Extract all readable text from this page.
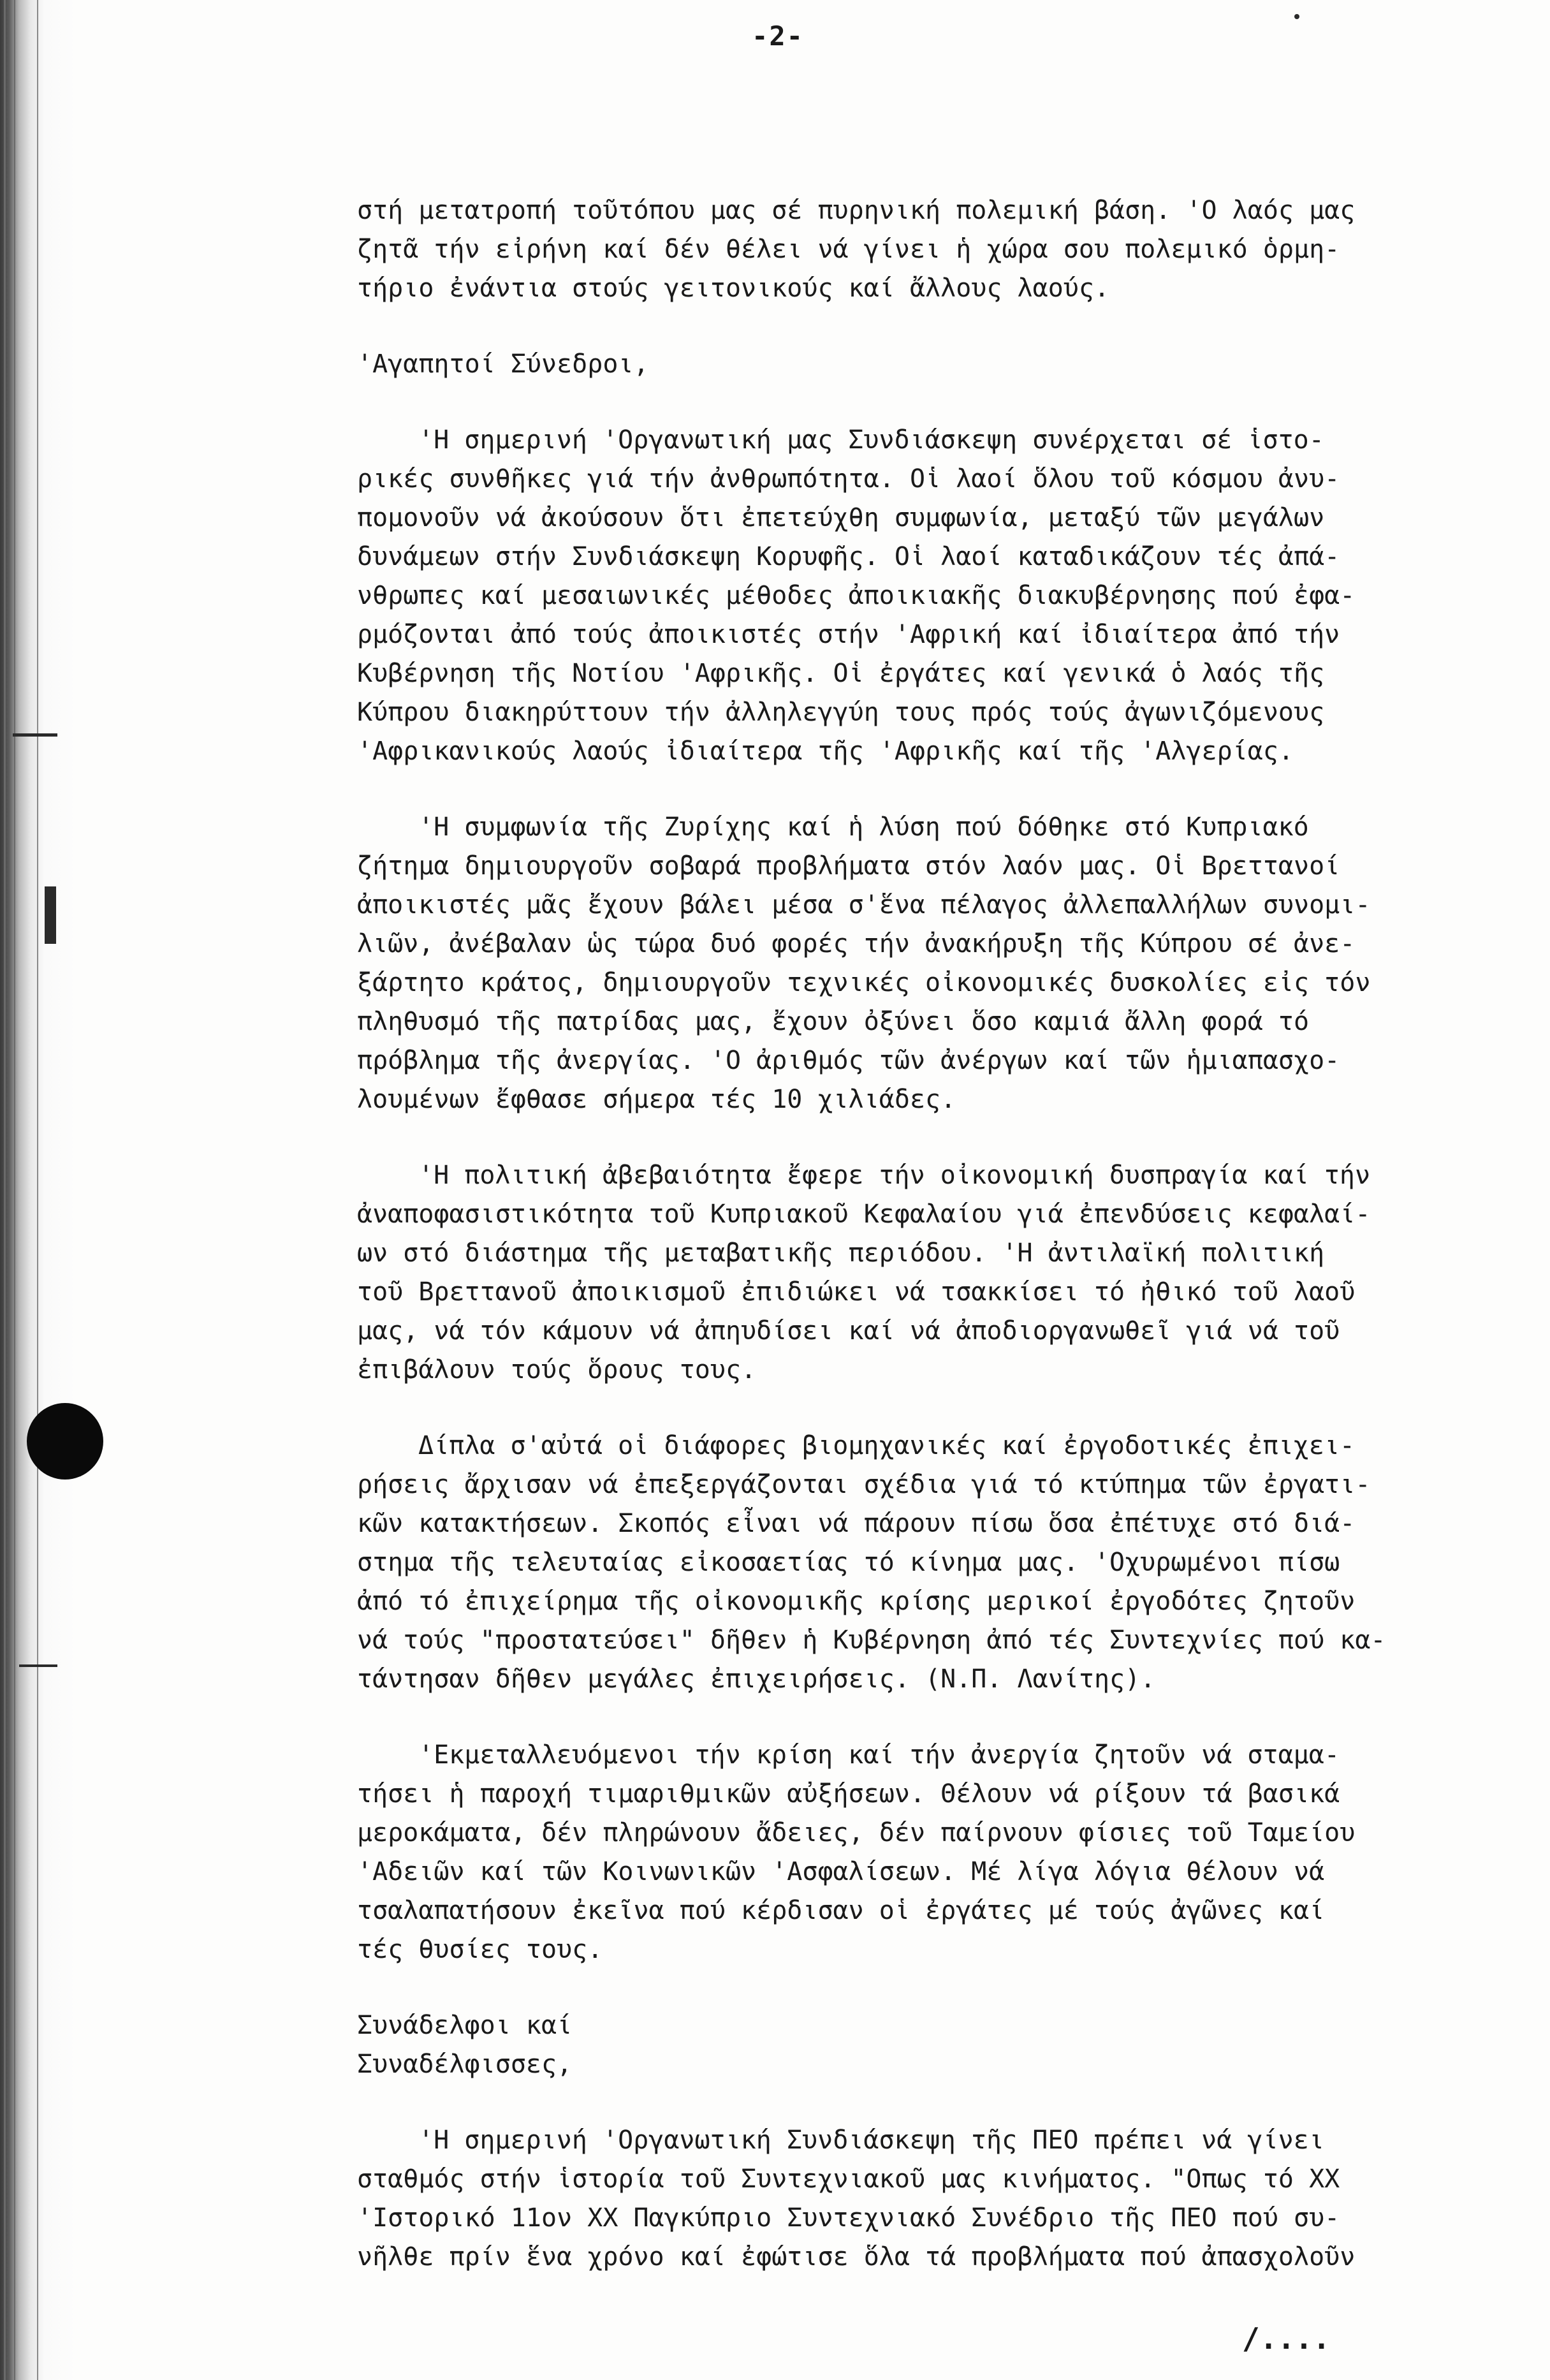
-2-
στή μετατροπή τοῦτόπου μας σέ πυρηνική πολεμική βάση. 'Ο λαός μας
ζητᾶ τήν εἰρήνη καί δέν θέλει νά γίνει ἡ χώρα σου πολεμικό ὁρμη-
τήριο ἐνάντια στούς γειτονικούς καί ἄλλους λαούς.
'Αγαπητοί Σύνεδροι,
'Η σημερινή 'Οργανωτική μας Συνδιάσκεψη συνέρχεται σέ ἱστο-
ρικές συνθῆκες γιά τήν ἀνθρωπότητα. Οἱ λαοί ὅλου τοῦ κόσμου ἀνυ-
πομονοῦν νά ἀκούσουν ὅτι ἐπετεύχθη συμφωνία, μεταξύ τῶν μεγάλων
δυνάμεων στήν Συνδιάσκεψη Κορυφῆς. Οἱ λαοί καταδικάζουν τές ἀπά-
νθρωπες καί μεσαιωνικές μέθοδες ἀποικιακῆς διακυβέρνησης πού ἐφα-
ρμόζονται ἀπό τούς ἀποικιστές στήν 'Αφρική καί ἰδιαίτερα ἀπό τήν
Κυβέρνηση τῆς Νοτίου 'Αφρικῆς. Οἱ ἐργάτες καί γενικά ὁ λαός τῆς
Κύπρου διακηρύττουν τήν ἀλληλεγγύη τους πρός τούς ἀγωνιζόμενους
'Αφρικανικούς λαούς ἰδιαίτερα τῆς 'Αφρικῆς καί τῆς 'Αλγερίας.
'Η συμφωνία τῆς Ζυρίχης καί ἡ λύση πού δόθηκε στό Κυπριακό
ζήτημα δημιουργοῦν σοβαρά προβλήματα στόν λαόν μας. Οἱ Βρεττανοί
ἀποικιστές μᾶς ἔχουν βάλει μέσα σ'ἕνα πέλαγος ἀλλεπαλλήλων συνομι-
λιῶν, ἀνέβαλαν ὡς τώρα δυό φορές τήν ἀνακήρυξη τῆς Κύπρου σέ ἀνε-
ξάρτητο κράτος, δημιουργοῦν τεχνικές οἰκονομικές δυσκολίες εἰς τόν
πληθυσμό τῆς πατρίδας μας, ἔχουν ὀξύνει ὅσο καμιά ἄλλη φορά τό
πρόβλημα τῆς ἀνεργίας. 'Ο ἀριθμός τῶν ἀνέργων καί τῶν ἡμιαπασχο-
λουμένων ἔφθασε σήμερα τές 10 χιλιάδες.
'Η πολιτική ἀβεβαιότητα ἔφερε τήν οἰκονομική δυσπραγία καί τήν
ἀναποφασιστικότητα τοῦ Κυπριακοῦ Κεφαλαίου γιά ἐπενδύσεις κεφαλαί-
ων στό διάστημα τῆς μεταβατικῆς περιόδου. 'Η ἀντιλαϊκή πολιτική
τοῦ Βρεττανοῦ ἀποικισμοῦ ἐπιδιώκει νά τσακκίσει τό ἠθικό τοῦ λαοῦ
μας, νά τόν κάμουν νά ἀπηυδίσει καί νά ἀποδιοργανωθεῖ γιά νά τοῦ
ἐπιβάλουν τούς ὅρους τους.
Δίπλα σ'αὐτά οἱ διάφορες βιομηχανικές καί ἐργοδοτικές ἐπιχει-
ρήσεις ἄρχισαν νά ἐπεξεργάζονται σχέδια γιά τό κτύπημα τῶν ἐργατι-
κῶν κατακτήσεων. Σκοπός εἶναι νά πάρουν πίσω ὅσα ἐπέτυχε στό διά-
στημα τῆς τελευταίας εἰκοσαετίας τό κίνημα μας. 'Οχυρωμένοι πίσω
ἀπό τό ἐπιχείρημα τῆς οἰκονομικῆς κρίσης μερικοί ἐργοδότες ζητοῦν
νά τούς "προστατεύσει" δῆθεν ἡ Κυβέρνηση ἀπό τές Συντεχνίες πού κα-
τάντησαν δῆθεν μεγάλες ἐπιχειρήσεις. (Ν.Π. Λανίτης).
'Εκμεταλλευόμενοι τήν κρίση καί τήν ἀνεργία ζητοῦν νά σταμα-
τήσει ἡ παροχή τιμαριθμικῶν αὐξήσεων. Θέλουν νά ρίξουν τά βασικά
μεροκάματα, δέν πληρώνουν ἄδειες, δέν παίρνουν φίσιες τοῦ Ταμείου
'Αδειῶν καί τῶν Κοινωνικῶν 'Ασφαλίσεων. Μέ λίγα λόγια θέλουν νά
τσαλαπατήσουν ἐκεῖνα πού κέρδισαν οἱ ἐργάτες μέ τούς ἀγῶνες καί
τές θυσίες τους.
Συνάδελφοι καί
Συναδέλφισσες,
'Η σημερινή 'Οργανωτική Συνδιάσκεψη τῆς ΠΕΟ πρέπει νά γίνει
σταθμός στήν ἱστορία τοῦ Συντεχνιακοῦ μας κινήματος. "Οπως τό ΧΧ
'Ιστορικό 11ον ΧΧ Παγκύπριο Συντεχνιακό Συνέδριο τῆς ΠΕΟ πού συ-
νῆλθε πρίν ἕνα χρόνο καί ἐφώτισε ὅλα τά προβλήματα πού ἀπασχολοῦν
/....
